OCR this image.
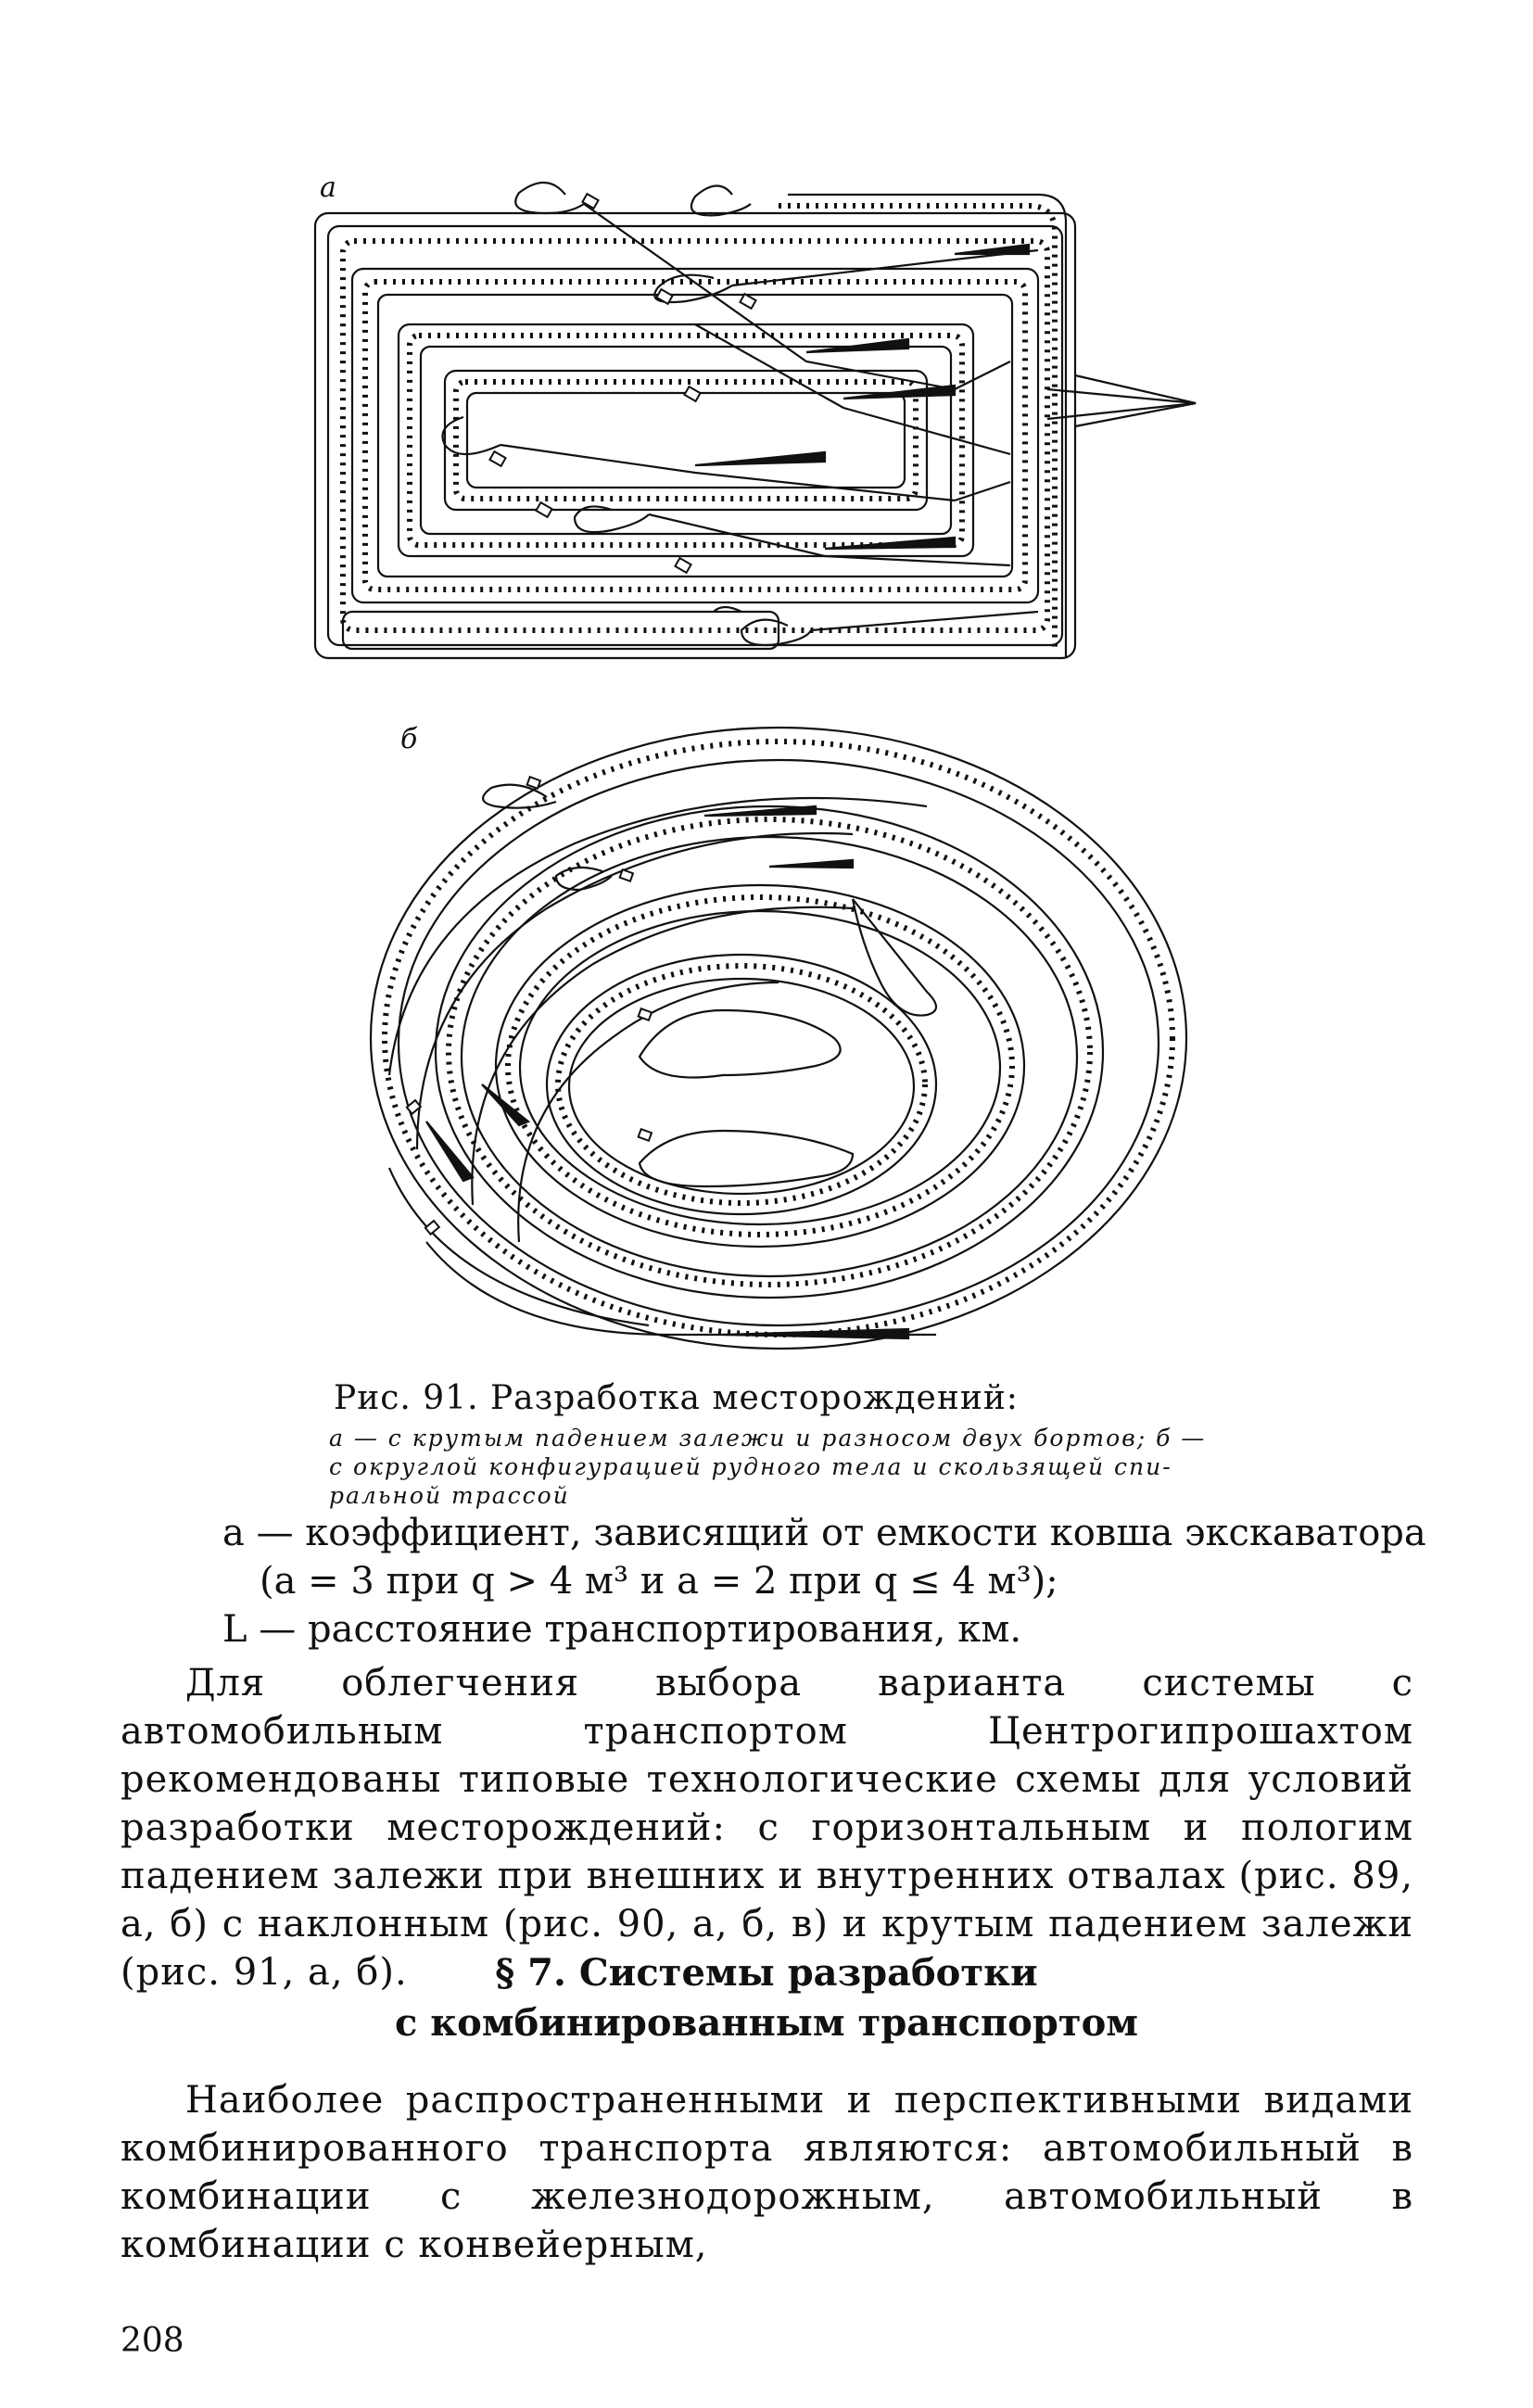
а
б
Рис. 91. Разработка месторождений:
а — с крутым падением залежи и разносом двух бортов; б —
с округлой конфигурацией рудного тела и скользящей спи-
ральной трассой
a — коэффициент, зависящий от емкости ковша экскаватора
(a = 3 при q > 4 м³ и a = 2 при q ≤ 4 м³);
L — расстояние транспортирования, км.
Для облегчения выбора варианта системы с автомобильным транспортом Центрогипрошахтом рекомендованы типовые технологические схемы для условий разработки месторождений: с горизонтальным и пологим падением залежи при внешних и внутренних отвалах (рис. 89, а, б) с наклонным (рис. 90, а, б, в) и крутым падением залежи (рис. 91, а, б).	§ 7. Системы разработки
с комбинированным транспортом
Наиболее распространенными и перспективными видами комбинированного транспорта являются: автомобильный в комбинации с железнодорожным, автомобильный в комбинации с конвейерным,
208
